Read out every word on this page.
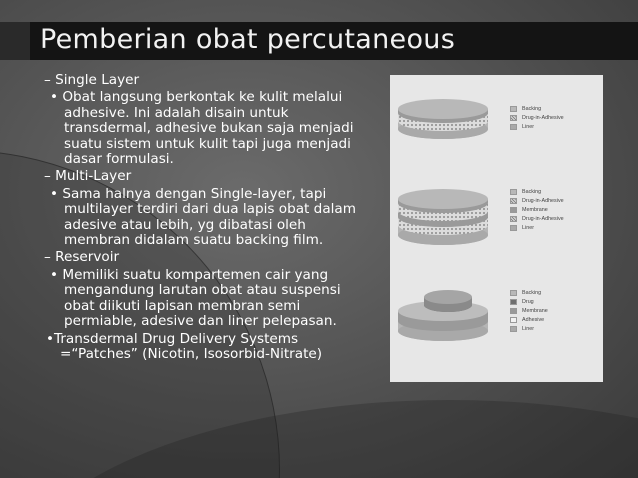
Pemberian obat percutaneous
– Single Layer
• Obat langsung berkontak ke kulit melalui adhesive. Ini adalah disain untuk transdermal, adhesive bukan saja menjadi suatu sistem untuk kulit tapi juga menjadi dasar formulasi.
– Multi-Layer
• Sama halnya dengan Single-layer, tapi multilayer terdiri dari dua lapis obat dalam adesive atau lebih, yg dibatasi oleh membran didalam suatu backing film.
– Reservoir
• Memiliki suatu kompartemen cair yang mengandung larutan obat atau suspensi obat diikuti lapisan membran semi permiable, adesive dan liner pelepasan.
•Transdermal Drug Delivery Systems =“Patches” (Nicotin, Isosorbid-Nitrate)
Backing
Drug-in-Adhesive
Liner
Backing
Drug-in-Adhesive
Membrane
Drug-in-Adhesive
Liner
Backing
Drug
Membrane
Adhesive
Liner
